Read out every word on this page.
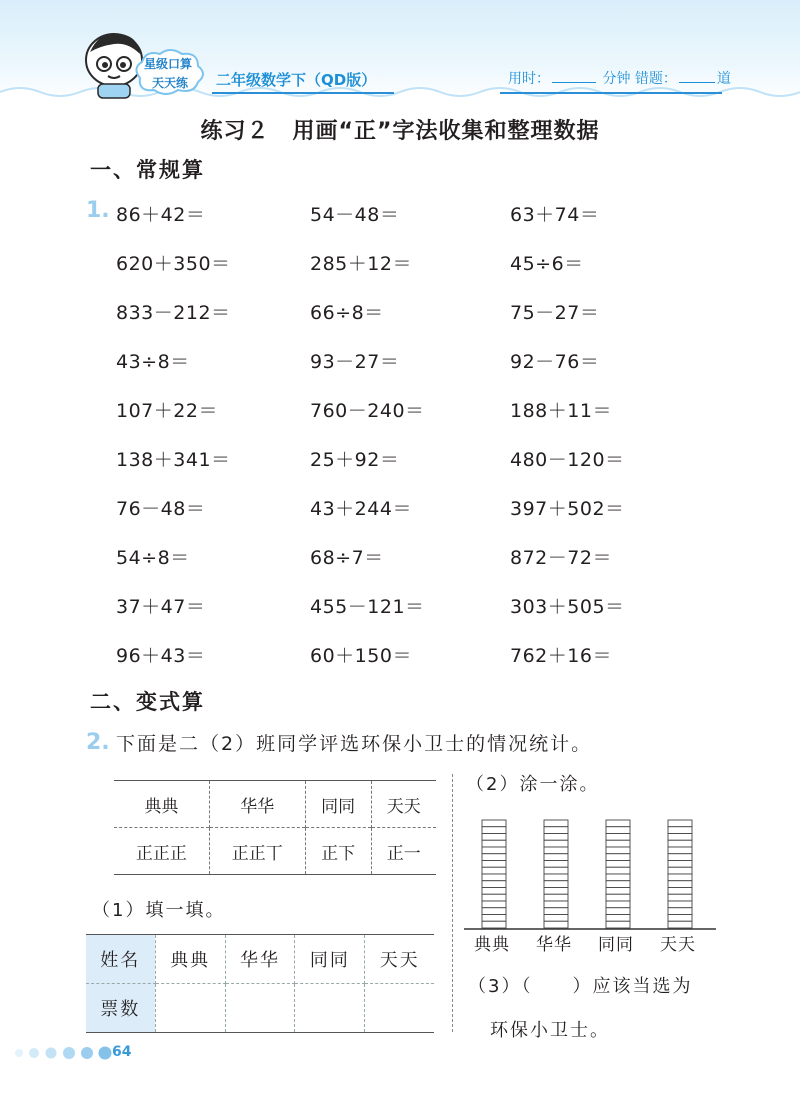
星级口算
天天练 二年级数学下（QD版）	用时：	分钟 错题：	道
练习２　用画“正”字法收集和整理数据
一、常规算
1. 86＋42＝	54－48＝	63＋74＝
620＋350＝	285＋12＝	45÷6＝
833－212＝	66÷8＝	75－27＝
43÷8＝	93－27＝	92－76＝
107＋22＝	760－240＝	188＋11＝
138＋341＝	25＋92＝	480－120＝
76－48＝	43＋244＝	397＋502＝
54÷8＝	68÷7＝	872－72＝
37＋47＝	455－121＝	303＋505＝
96＋43＝	60＋150＝	762＋16＝
二、变式算
2. 下面是二（2）班同学评选环保小卫士的情况统计。
典典	华华	同同	天天
正正正	正正丅	正下	正⼀
（1）填一填。
姓名	典典	华华	同同	天天
票数				
（2）涂一涂。
典典 华华 同同 天天
（3）（　　）应该当选为
环保小卫士。
64
